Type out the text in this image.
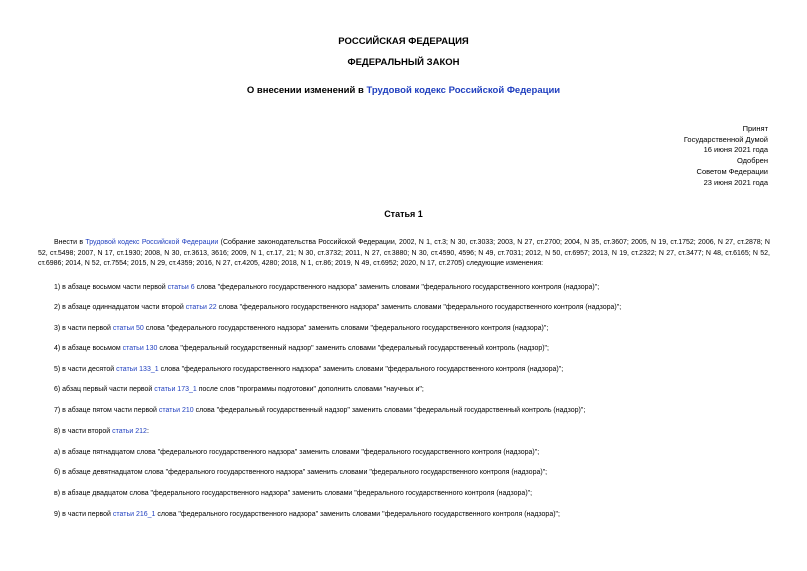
РОССИЙСКАЯ ФЕДЕРАЦИЯ

ФЕДЕРАЛЬНЫЙ ЗАКОН

О внесении изменений в Трудовой кодекс Российской Федерации

Принят
Государственной Думой
16 июня 2021 года
Одобрен
Советом Федерации
23 июня 2021 года

Статья 1

Внести в Трудовой кодекс Российской Федерации (Собрание законодательства Российской Федерации, 2002, N 1, ст.3; N 30, ст.3033; 2003, N 27, ст.2700; 2004, N 35, ст.3607; 2005, N 19, ст.1752; 2006, N 27, ст.2878; N 52, ст.5498; 2007, N 17, ст.1930; 2008, N 30, ст.3613, 3616; 2009, N 1, ст.17, 21; N 30, ст.3732; 2011, N 27, ст.3880; N 30, ст.4590, 4596; N 49, ст.7031; 2012, N 50, ст.6957; 2013, N 19, ст.2322; N 27, ст.3477; N 48, ст.6165; N 52, ст.6986; 2014, N 52, ст.7554; 2015, N 29, ст.4359; 2016, N 27, ст.4205, 4280; 2018, N 1, ст.86; 2019, N 49, ст.6952; 2020, N 17, ст.2705) следующие изменения:
1) в абзаце восьмом части первой статьи 6 слова "федерального государственного надзора" заменить словами "федерального государственного контроля (надзора)";
2) в абзаце одиннадцатом части второй статьи 22 слова "федерального государственного надзора" заменить словами "федерального государственного контроля (надзора)";
3) в части первой статьи 50 слова "федерального государственного надзора" заменить словами "федерального государственного контроля (надзора)";
4) в абзаце восьмом статьи 130 слова "федеральный государственный надзор" заменить словами "федеральный государственный контроль (надзор)";
5) в части десятой статьи 133_1 слова "федерального государственного надзора" заменить словами "федерального государственного контроля (надзора)";
6) абзац первый части первой статьи 173_1 после слов "программы подготовки" дополнить словами "научных и";
7) в абзаце пятом части первой статьи 210 слова "федеральный государственный надзор" заменить словами "федеральный государственный контроль (надзор)";
8) в части второй статьи 212:
а) в абзаце пятнадцатом слова "федерального государственного надзора" заменить словами "федерального государственного контроля (надзора)";
б) в абзаце девятнадцатом слова "федерального государственного надзора" заменить словами "федерального государственного контроля (надзора)";
в) в абзаце двадцатом слова "федерального государственного надзора" заменить словами "федерального государственного контроля (надзора)";
9) в части первой статьи 216_1 слова "федерального государственного надзора" заменить словами "федерального государственного контроля (надзора)";
